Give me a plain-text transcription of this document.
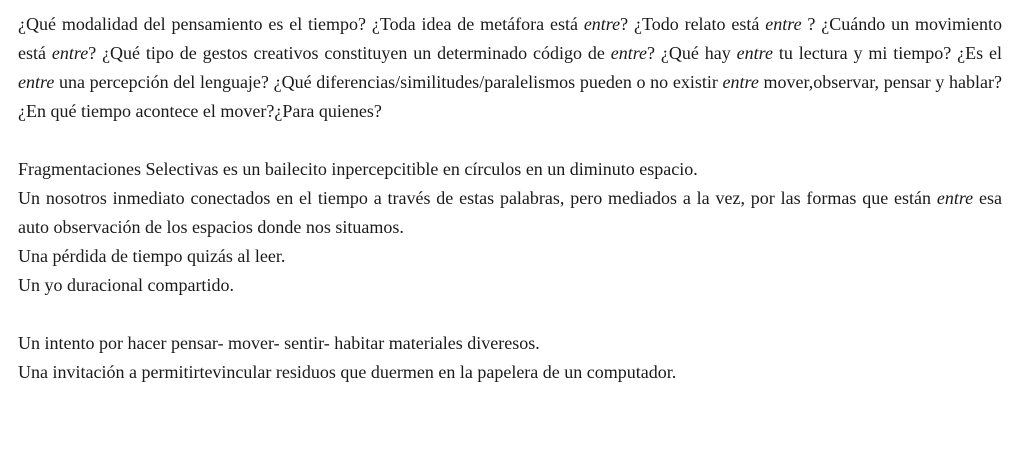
¿Qué modalidad del pensamiento es el tiempo? ¿Toda idea de metáfora está entre? ¿Todo relato está entre ? ¿Cuándo un movimiento está entre? ¿Qué tipo de gestos creativos constituyen un determinado código de entre? ¿Qué hay entre tu lectura y mi tiempo? ¿Es el entre una percepción del lenguaje? ¿Qué diferencias/similitudes/paralelismos pueden o no existir entre mover,observar, pensar y hablar? ¿En qué tiempo acontece el mover?¿Para quienes?

Fragmentaciones Selectivas es un bailecito inpercepcitible en círculos en un diminuto espacio.
Un nosotros inmediato conectados en el tiempo a través de estas palabras, pero mediados a la vez, por las formas que están entre esa auto observación de los espacios donde nos situamos.
Una pérdida de tiempo quizás al leer.
Un yo duracional compartido.
Un intento por hacer pensar- mover- sentir- habitar materiales diveresos.
Una invitación a permitirtevincular residuos que duermen en la papelera de un computador.
